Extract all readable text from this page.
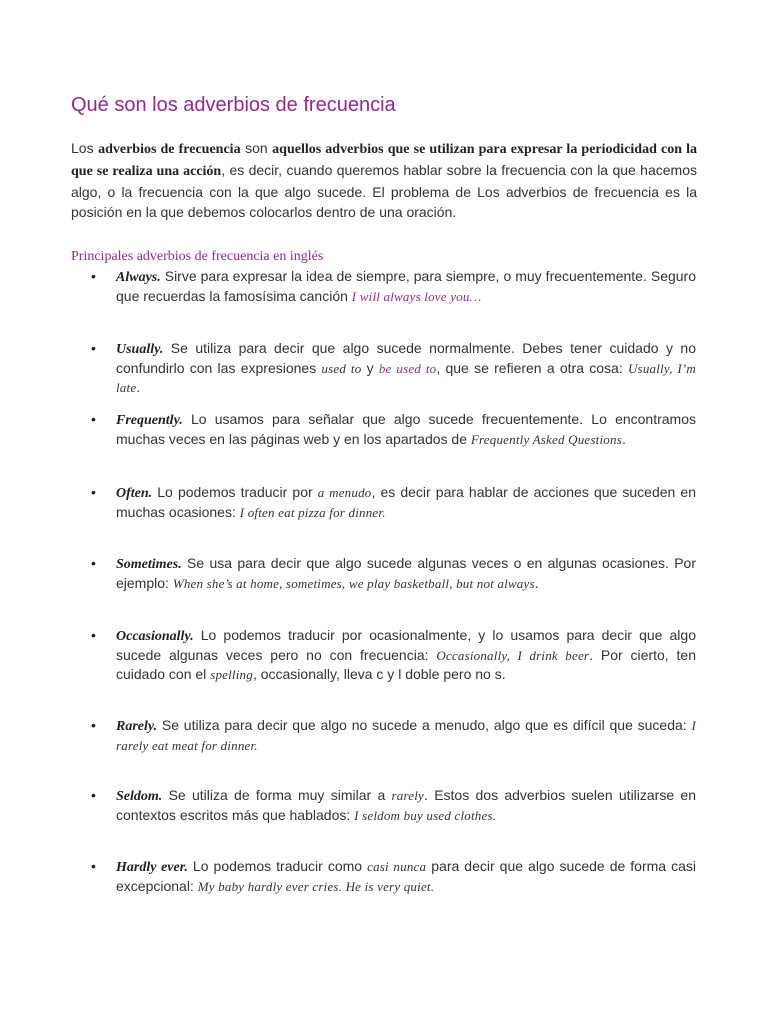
Qué son los adverbios de frecuencia

Los adverbios de frecuencia son aquellos adverbios que se utilizan para expresar la periodicidad con la que se realiza una acción, es decir, cuando queremos hablar sobre la frecuencia con la que hacemos algo, o la frecuencia con la que algo sucede. El problema de Los adverbios de frecuencia es la posición en la que debemos colocarlos dentro de una oración.

Principales adverbios de frecuencia en inglés
•	Always. Sirve para expresar la idea de siempre, para siempre, o muy frecuentemente. Seguro que recuerdas la famosísima canción I will always love you…
•	Usually. Se utiliza para decir que algo sucede normalmente. Debes tener cuidado y no confundirlo con las expresiones used to y be used to, que se refieren a otra cosa: Usually, I’m late.
•	Frequently. Lo usamos para señalar que algo sucede frecuentemente. Lo encontramos muchas veces en las páginas web y en los apartados de Frequently Asked Questions.
•	Often. Lo podemos traducir por a menudo, es decir para hablar de acciones que suceden en muchas ocasiones: I often eat pizza for dinner.
•	Sometimes. Se usa para decir que algo sucede algunas veces o en algunas ocasiones. Por ejemplo: When she’s at home, sometimes, we play basketball, but not always.
•	Occasionally. Lo podemos traducir por ocasionalmente, y lo usamos para decir que algo sucede algunas veces pero no con frecuencia: Occasionally, I drink beer. Por cierto, ten cuidado con el spelling, occasionally, lleva c y l doble pero no s.
•	Rarely. Se utiliza para decir que algo no sucede a menudo, algo que es difícil que suceda: I rarely eat meat for dinner.
•	Seldom. Se utiliza de forma muy similar a rarely. Estos dos adverbios suelen utilizarse en contextos escritos más que hablados: I seldom buy used clothes.
•	Hardly ever. Lo podemos traducir como casi nunca para decir que algo sucede de forma casi excepcional: My baby hardly ever cries. He is very quiet.
